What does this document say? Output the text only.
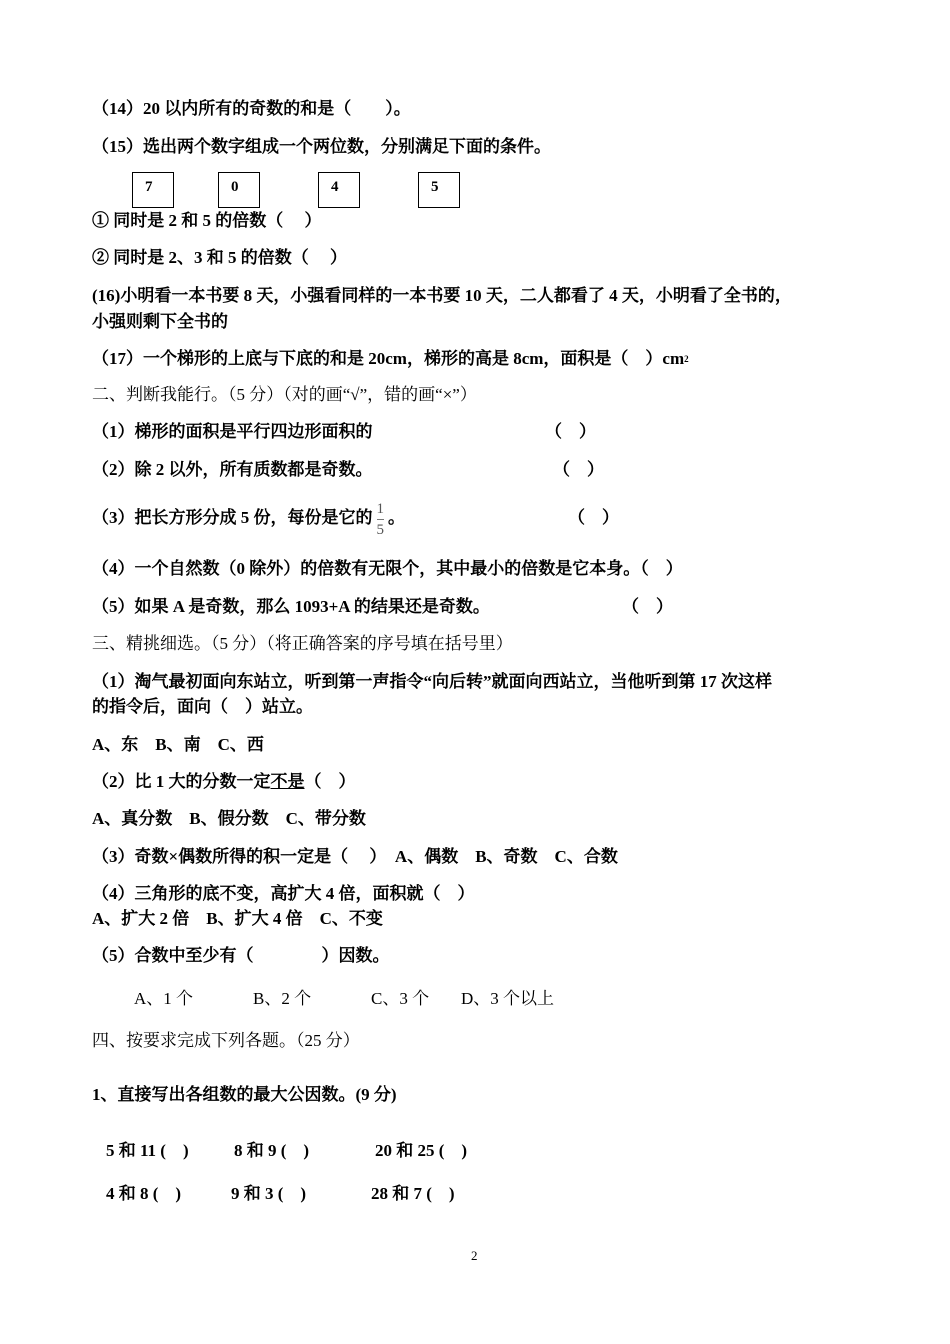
（14）20 以内所有的奇数的和是（　　）。
（15）选出两个数字组成一个两位数，分别满足下面的条件。
7	0	4	5
① 同时是 2 和 5 的倍数（　 ）
② 同时是 2、3 和 5 的倍数（　 ）
(16)小明看一本书要 8 天，小强看同样的一本书要 10 天，二人都看了 4 天，小明看了全书的，
小强则剩下全书的
（17）一个梯形的上底与下底的和是 20cm，梯形的高是 8cm，面积是（　）$cm^2$
二、判断我能行。（5 分）（对的画“√”，错的画“×”）
（1）梯形的面积是平行四边形面积的	（　）
（2）除 2 以外，所有质数都是奇数。	（　）
（3）把长方形分成 5 份，每份是它的 $\frac{1}{5}$ 。	（　）
（4）一个自然数（0 除外）的倍数有无限个，其中最小的倍数是它本身。（　）
（5）如果 A 是奇数，那么 1093+A 的结果还是奇数。	（　）
三、精挑细选。（5 分）（将正确答案的序号填在括号里）
（1）淘气最初面向东站立，听到第一声指令“向后转”就面向西站立，当他听到第 17 次这样
的指令后，面向（　）站立。
A、东　B、南　C、西
（2）比 1 大的分数一定不是（　）
A、真分数　B、假分数　C、带分数
（3）奇数×偶数所得的积一定是（　 ）　A、偶数　B、奇数　C、合数
（4）三角形的底不变，高扩大 4 倍，面积就（　）
A、扩大 2 倍　B、扩大 4 倍　C、不变
（5）合数中至少有（　　　　）因数。
A、1 个	B、2 个	C、3 个 D、3 个以上
四、按要求完成下列各题。（25 分）
1、直接写出各组数的最大公因数。(9 分)
5 和 11 (　)	8 和 9 (　)	20 和 25 (　)
4 和 8 (　)	9 和 3 (　)	28 和 7 (　)
2
